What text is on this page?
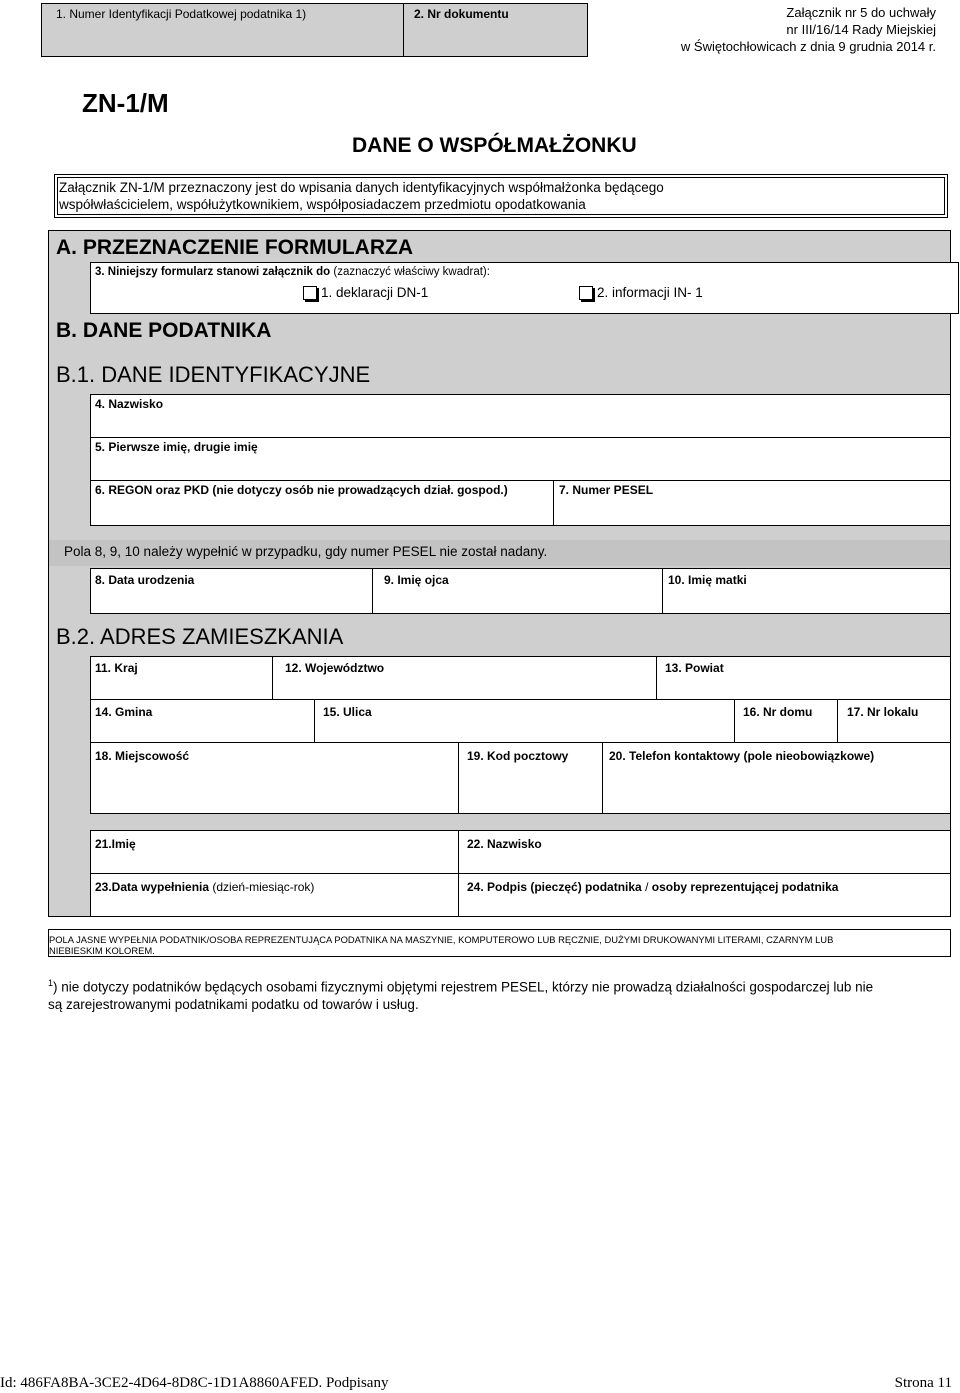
1. Numer Identyfikacji Podatkowej podatnika 1)	2. Nr dokumentu	Załącznik nr 5 do uchwały
nr III/16/14 Rady Miejskiej
w Świętochłowicach z dnia 9 grudnia 2014 r.
ZN-1/M
DANE O WSPÓŁMAŁŻONKU
Załącznik ZN-1/M przeznaczony jest do wpisania danych identyfikacyjnych współmałżonka będącego
współwłaścicielem, współużytkownikiem, współposiadaczem przedmiotu opodatkowania
A. PRZEZNACZENIE FORMULARZA
3. Niniejszy formularz stanowi załącznik do (zaznaczyć właściwy kwadrat):
1. deklaracji DN-1	2. informacji IN- 1
B. DANE PODATNIKA
B.1. DANE IDENTYFIKACYJNE
4. Nazwisko
5. Pierwsze imię, drugie imię
6. REGON oraz PKD (nie dotyczy osób nie prowadzących dział. gospod.)	7. Numer PESEL
Pola 8, 9, 10 należy wypełnić w przypadku, gdy numer PESEL nie został nadany.
8. Data urodzenia	9. Imię ojca	10. Imię matki
B.2. ADRES ZAMIESZKANIA
11. Kraj	12. Województwo	13. Powiat
14. Gmina	15. Ulica	16. Nr domu	17. Nr lokalu
18. Miejscowość	19. Kod pocztowy	20. Telefon kontaktowy (pole nieobowiązkowe)
21.Imię	22. Nazwisko
23.Data wypełnienia (dzień-miesiąc-rok)	24. Podpis (pieczęć) podatnika / osoby reprezentującej podatnika
POLA JASNE WYPEŁNIA PODATNIK/OSOBA REPREZENTUJĄCA PODATNIKA NA MASZYNIE, KOMPUTEROWO LUB RĘCZNIE, DUŻYMI DRUKOWANYMI LITERAMI, CZARNYM LUB
NIEBIESKIM KOLOREM.
$^1$) nie dotyczy podatników będących osobami fizycznymi objętymi rejestrem PESEL, którzy nie prowadzą działalności gospodarczej lub nie
są zarejestrowanymi podatnikami podatku od towarów i usług.
Id: 486FA8BA-3CE2-4D64-8D8C-1D1A8860AFED. Podpisany	Strona 11
